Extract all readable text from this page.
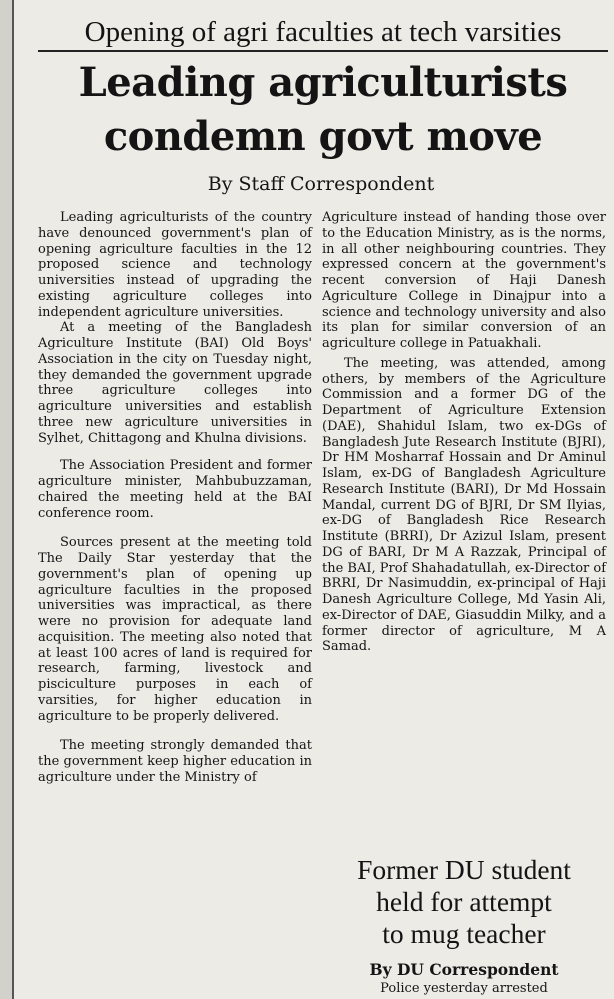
Opening of agri faculties at tech varsities
Leading agriculturists
condemn govt move
By Staff Correspondent

Leading agriculturists of the country have denounced government's plan of opening agriculture faculties in the 12 proposed science and technology universities instead of upgrading the existing agriculture colleges into independent agriculture universities.

At a meeting of the Bangladesh Agriculture Institute (BAI) Old Boys' Association in the city on Tuesday night, they demanded the government upgrade three agriculture colleges into agriculture universities and establish three new agriculture universities in Sylhet, Chittagong and Khulna divisions.

The Association President and former agriculture minister, Mahbubuzzaman, chaired the meeting held at the BAI conference room.

Sources present at the meeting told The Daily Star yesterday that the government's plan of opening up agriculture faculties in the proposed universities was impractical, as there were no provision for adequate land acquisition. The meeting also noted that at least 100 acres of land is required for research, farming, livestock and pisciculture purposes in each of varsities, for higher education in agriculture to be properly delivered.

The meeting strongly demanded that the government keep higher education in agriculture under the Ministry of

Agriculture instead of handing those over to the Education Ministry, as is the norms, in all other neighbouring countries. They expressed concern at the government's recent conversion of Haji Danesh Agriculture College in Dinajpur into a science and technology university and also its plan for similar conversion of an agriculture college in Patuakhali.

The meeting, was attended, among others, by members of the Agriculture Commission and a former DG of the Department of Agriculture Extension (DAE), Shahidul Islam, two ex-DGs of Bangladesh Jute Research Institute (BJRI), Dr HM Mosharraf Hossain and Dr Aminul Islam, ex-DG of Bangladesh Agriculture Research Institute (BARI), Dr Md Hossain Mandal, current DG of BJRI, Dr SM Ilyias, ex-DG of Bangladesh Rice Research Institute (BRRI), Dr Azizul Islam, present DG of BARI, Dr M A Razzak, Principal of the BAI, Prof Shahadatullah, ex-Director of BRRI, Dr Nasimuddin, ex-principal of Haji Danesh Agriculture College, Md Yasin Ali, ex-Director of DAE, Giasuddin Milky, and a former director of agriculture, M A Samad.

Former DU student
held for attempt
to mug teacher
By DU Correspondent
Police yesterday arrested
